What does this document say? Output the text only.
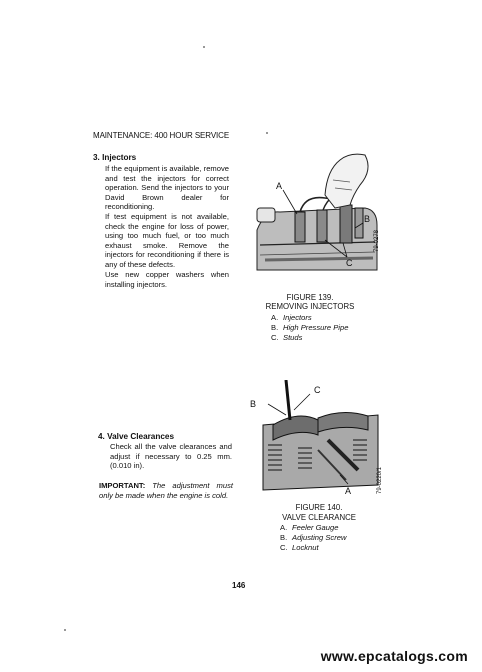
MAINTENANCE: 400 HOUR SERVICE
3. Injectors
If the equipment is available, remove and test the injectors for correct operation. Send the injectors to your David Brown dealer for reconditioning.
If test equipment is not available, check the engine for loss of power, using too much fuel, or too much exhaust smoke. Remove the injectors for reconditioning if there is any of these defects.
Use new copper washers when installing injectors.
A
B
C
79-0278
FIGURE 139.
REMOVING INJECTORS
A. Injectors
B. High Pressure Pipe
C. Studs
B
C
A	79-0220/1
FIGURE 140.
VALVE CLEARANCE
A. Feeler Gauge
B. Adjusting Screw
C. Locknut
4. Valve Clearances
Check all the valve clearances and adjust if necessary to 0.25 mm. (0.010 in).
IMPORTANT: The adjustment must only be made when the engine is cold.
146
www.epcatalogs.com
